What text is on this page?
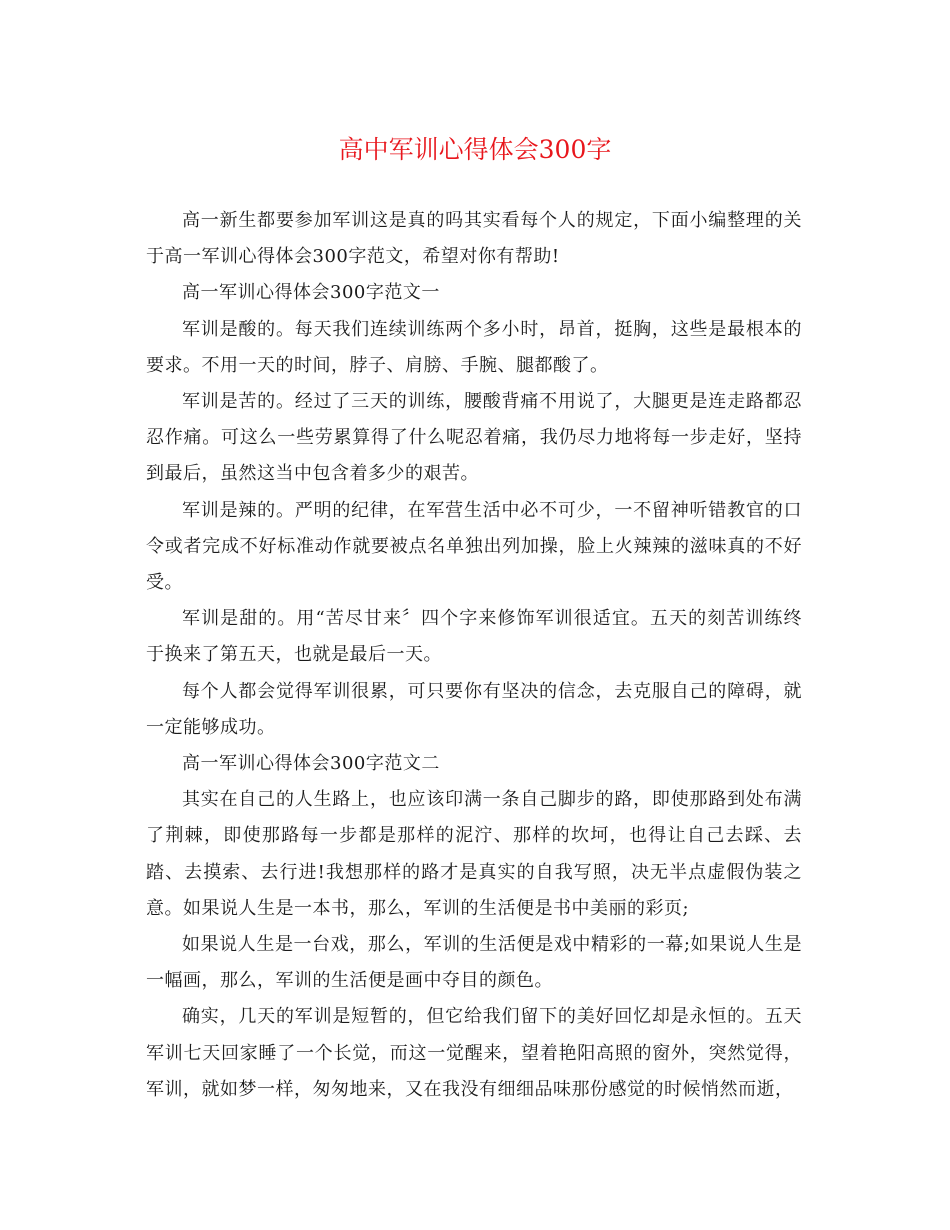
高中军训心得体会300字

高一新生都要参加军训这是真的吗其实看每个人的规定，下面小编整理的关于高一军训心得体会300字范文，希望对你有帮助!

高一军训心得体会300字范文一

军训是酸的。每天我们连续训练两个多小时，昂首，挺胸，这些是最根本的要求。不用一天的时间，脖子、肩膀、手腕、腿都酸了。

军训是苦的。经过了三天的训练，腰酸背痛不用说了，大腿更是连走路都忍忍作痛。可这么一些劳累算得了什么呢忍着痛，我仍尽力地将每一步走好，坚持到最后，虽然这当中包含着多少的艰苦。

军训是辣的。严明的纪律，在军营生活中必不可少，一不留神听错教官的口令或者完成不好标准动作就要被点名单独出列加操，脸上火辣辣的滋味真的不好受。

军训是甜的。用“苦尽甘来〞四个字来修饰军训很适宜。五天的刻苦训练终于换来了第五天，也就是最后一天。

每个人都会觉得军训很累，可只要你有坚决的信念，去克服自己的障碍，就一定能够成功。

高一军训心得体会300字范文二

其实在自己的人生路上，也应该印满一条自己脚步的路，即使那路到处布满了荆棘，即使那路每一步都是那样的泥泞、那样的坎坷，也得让自己去踩、去踏、去摸索、去行进!我想那样的路才是真实的自我写照，决无半点虚假伪装之意。如果说人生是一本书，那么，军训的生活便是书中美丽的彩页;

如果说人生是一台戏，那么，军训的生活便是戏中精彩的一幕;如果说人生是一幅画，那么，军训的生活便是画中夺目的颜色。

确实，几天的军训是短暂的，但它给我们留下的美好回忆却是永恒的。五天军训七天回家睡了一个长觉，而这一觉醒来，望着艳阳高照的窗外，突然觉得，军训，就如梦一样，匆匆地来，又在我没有细细品味那份感觉的时候悄然而逝，
